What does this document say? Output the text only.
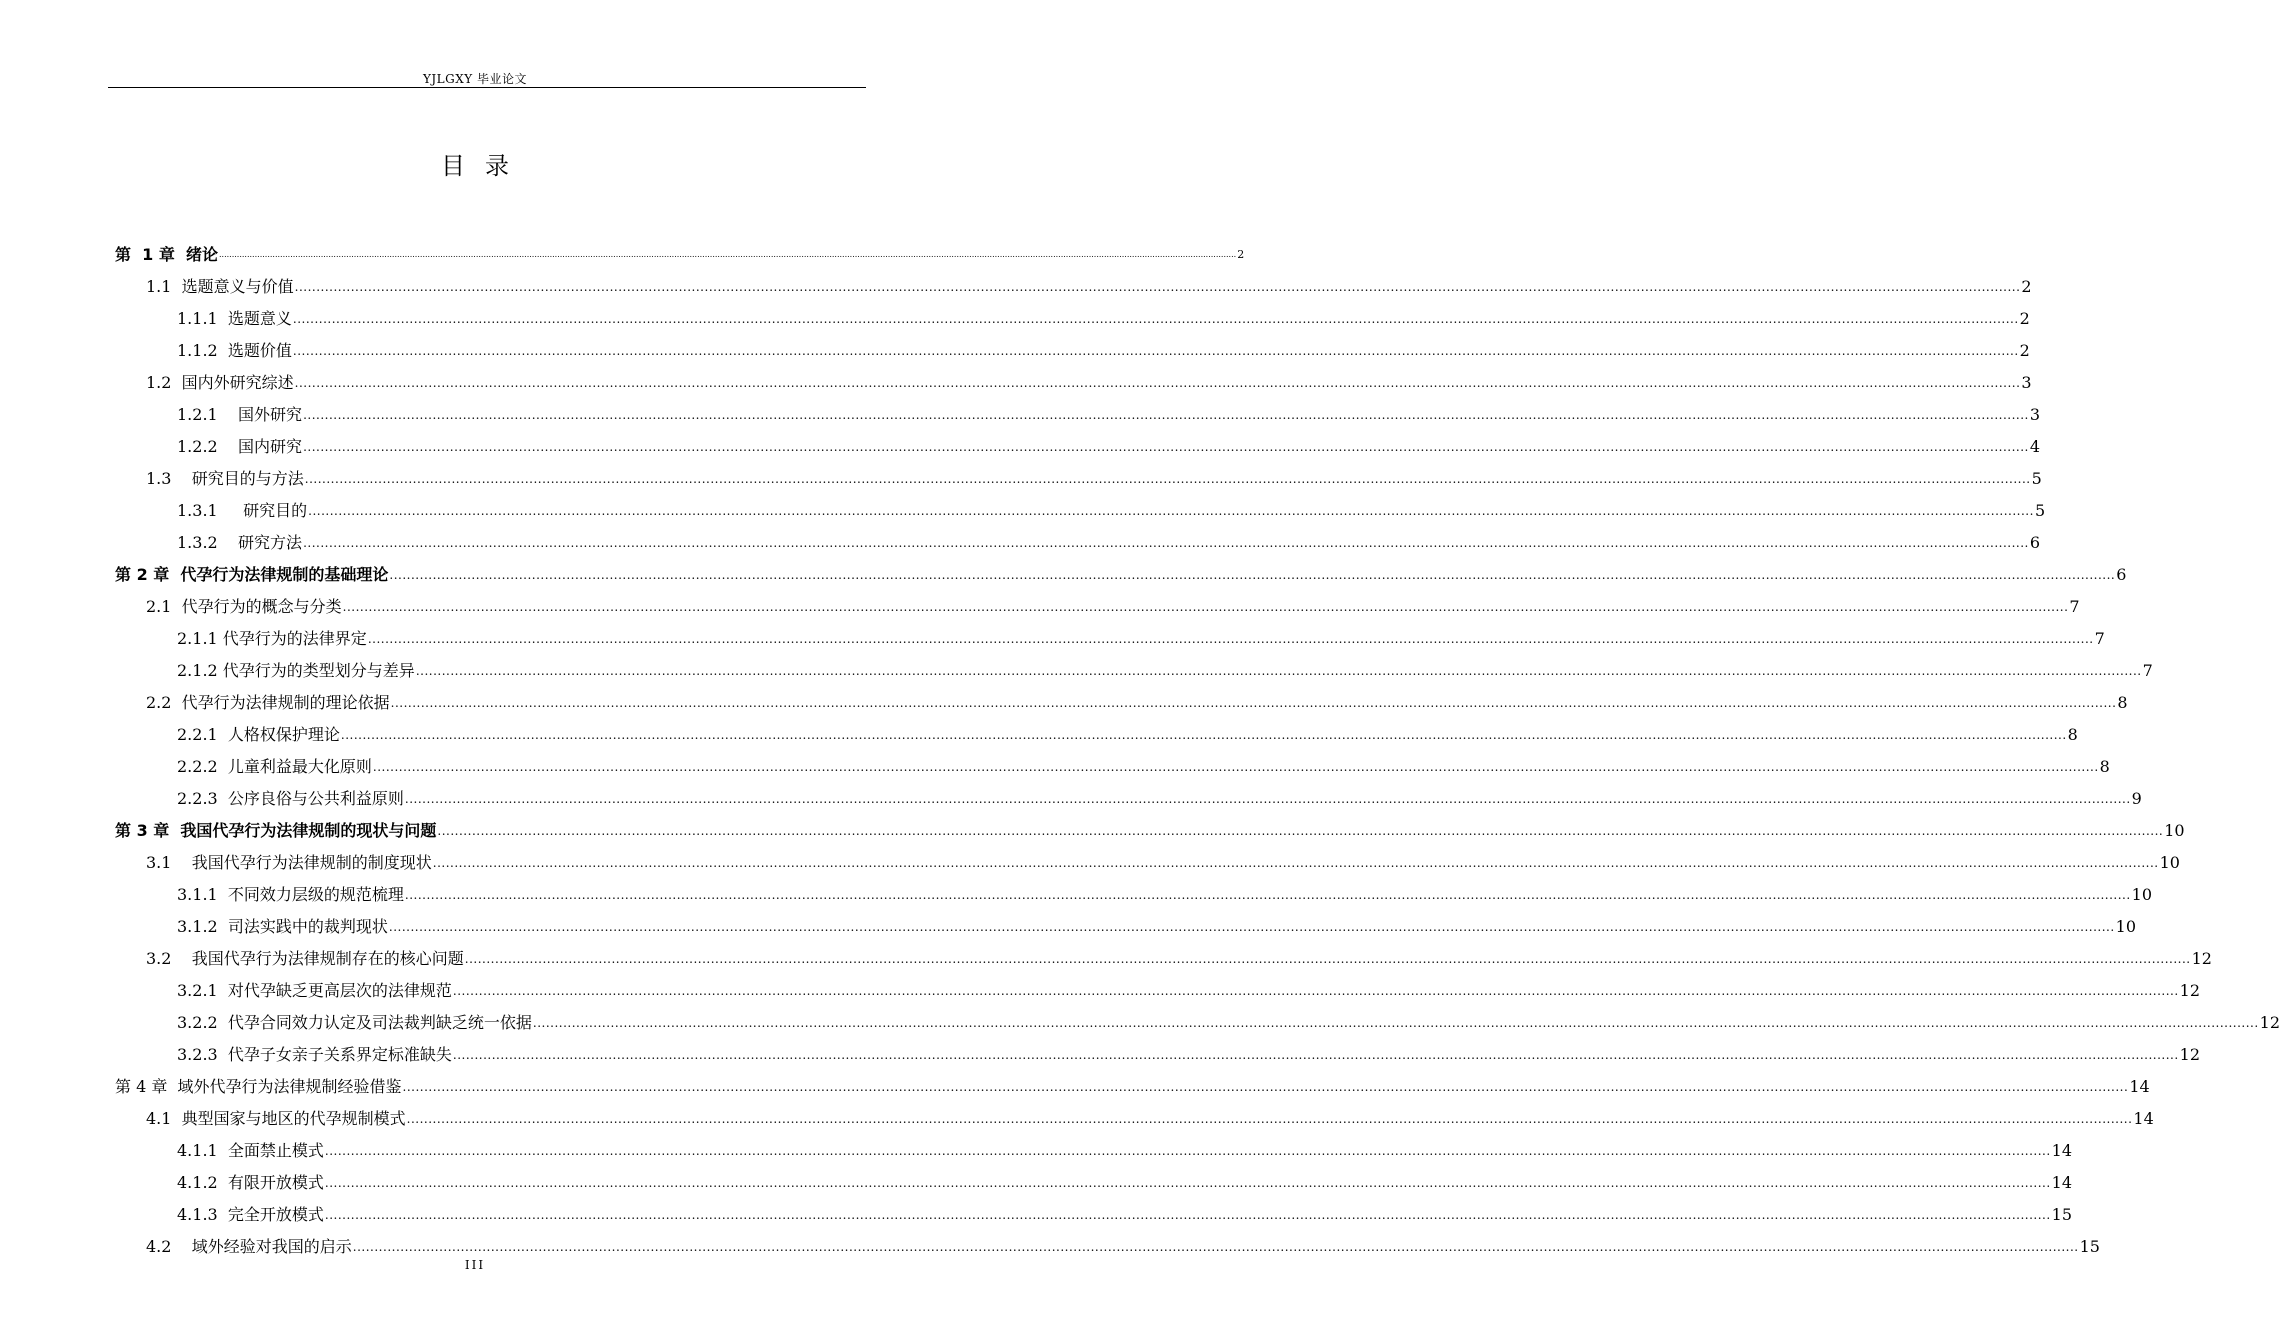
YJLGXY 毕业论文
目录
第  1 章  绪论 ................................................................................................................................................................................................................................................................................................................................................................................................................ 2
1.1  选题意义与价值 ................................................................................................................................................................................................................................................................................................................................................................................................................ 2
1.1.1  选题意义 ................................................................................................................................................................................................................................................................................................................................................................................................................ 2
1.1.2  选题价值 ................................................................................................................................................................................................................................................................................................................................................................................................................ 2
1.2  国内外研究综述 ................................................................................................................................................................................................................................................................................................................................................................................................................ 3
1.2.1    国外研究 ................................................................................................................................................................................................................................................................................................................................................................................................................ 3
1.2.2    国内研究 ................................................................................................................................................................................................................................................................................................................................................................................................................ 4
1.3    研究目的与方法 ................................................................................................................................................................................................................................................................................................................................................................................................................ 5
1.3.1     研究目的 ................................................................................................................................................................................................................................................................................................................................................................................................................ 5
1.3.2    研究方法 ................................................................................................................................................................................................................................................................................................................................................................................................................ 6
第 2 章  代孕行为法律规制的基础理论 ................................................................................................................................................................................................................................................................................................................................................................................................................ 6
2.1  代孕行为的概念与分类 ................................................................................................................................................................................................................................................................................................................................................................................................................ 7
2.1.1 代孕行为的法律界定 ................................................................................................................................................................................................................................................................................................................................................................................................................ 7
2.1.2 代孕行为的类型划分与差异 ................................................................................................................................................................................................................................................................................................................................................................................................................ 7
2.2  代孕行为法律规制的理论依据 ................................................................................................................................................................................................................................................................................................................................................................................................................ 8
2.2.1  人格权保护理论 ................................................................................................................................................................................................................................................................................................................................................................................................................ 8
2.2.2  儿童利益最大化原则 ................................................................................................................................................................................................................................................................................................................................................................................................................ 8
2.2.3  公序良俗与公共利益原则 ................................................................................................................................................................................................................................................................................................................................................................................................................ 9
第 3 章  我国代孕行为法律规制的现状与问题 ................................................................................................................................................................................................................................................................................................................................................................................................................ 10
3.1    我国代孕行为法律规制的制度现状 ................................................................................................................................................................................................................................................................................................................................................................................................................ 10
3.1.1  不同效力层级的规范梳理 ................................................................................................................................................................................................................................................................................................................................................................................................................ 10
3.1.2  司法实践中的裁判现状 ................................................................................................................................................................................................................................................................................................................................................................................................................ 10
3.2    我国代孕行为法律规制存在的核心问题 ................................................................................................................................................................................................................................................................................................................................................................................................................ 12
3.2.1  对代孕缺乏更高层次的法律规范 ................................................................................................................................................................................................................................................................................................................................................................................................................ 12
3.2.2  代孕合同效力认定及司法裁判缺乏统一依据 ................................................................................................................................................................................................................................................................................................................................................................................................................ 12
3.2.3  代孕子女亲子关系界定标准缺失 ................................................................................................................................................................................................................................................................................................................................................................................................................ 12
第 4 章  域外代孕行为法律规制经验借鉴 ................................................................................................................................................................................................................................................................................................................................................................................................................ 14
4.1  典型国家与地区的代孕规制模式 ................................................................................................................................................................................................................................................................................................................................................................................................................ 14
4.1.1  全面禁止模式 ................................................................................................................................................................................................................................................................................................................................................................................................................ 14
4.1.2  有限开放模式 ................................................................................................................................................................................................................................................................................................................................................................................................................ 14
4.1.3  完全开放模式 ................................................................................................................................................................................................................................................................................................................................................................................................................ 15
4.2    域外经验对我国的启示 ................................................................................................................................................................................................................................................................................................................................................................................................................ 15
III
